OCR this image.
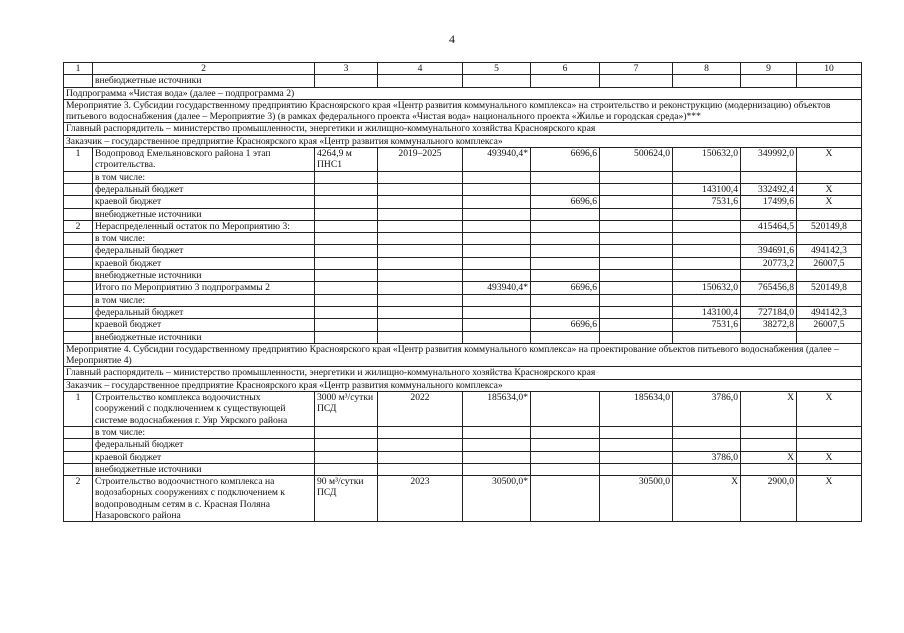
4
1	2	3	4	5	6	7	8	9	10
	внебюджетные источники								
Подпрограмма «Чистая вода» (далее – подпрограмма 2)									
Мероприятие 3. Субсидии государственному предприятию Красноярского края «Центр развития коммунального комплекса» на строительство и реконструкцию (модернизацию) объектов питьевого водоснабжения (далее – Мероприятие 3) (в рамках федерального проекта «Чистая вода» национального проекта «Жилье и городская среда»)***									
Главный распорядитель – министерство промышленности, энергетики и жилищно-коммунального хозяйства Красноярского края									
Заказчик – государственное предприятие Красноярского края «Центр развития коммунального комплекса»									
1	Водопровод Емельяновского района 1 этап строительства.	4264,9 м ПНС1	2019–2025	493940,4*	6696,6	500624,0	150632,0	349992,0	X
	в том числе:								
	федеральный бюджет						143100,4	332492,4	X
	краевой бюджет				6696,6		7531,6	17499,6	X
	внебюджетные источники								
2	Нераспределенный остаток по Мероприятию 3:							415464,5	520149,8
	в том числе:								
	федеральный бюджет							394691,6	494142,3
	краевой бюджет							20773,2	26007,5
	внебюджетные источники								
	Итого по Мероприятию 3 подпрограммы 2			493940,4*	6696,6		150632,0	765456,8	520149,8
	в том числе:								
	федеральный бюджет						143100,4	727184,0	494142,3
	краевой бюджет				6696,6		7531,6	38272,8	26007,5
	внебюджетные источники								
Мероприятие 4. Субсидии государственному предприятию Красноярского края «Центр развития коммунального комплекса» на проектирование объектов питьевого водоснабжения (далее – Мероприятие 4)									
Главный распорядитель – министерство промышленности, энергетики и жилищно-коммунального хозяйства Красноярского края									
Заказчик – государственное предприятие Красноярского края «Центр развития коммунального комплекса»									
1	Строительство комплекса водоочистных сооружений с подключением к существующей системе водоснабжения г. Уяр Уярского района	3000 м³/сутки ПСД	2022	185634,0*		185634,0	3786,0	X	X
	в том числе:								
	федеральный бюджет								
	краевой бюджет						3786,0	X	X
	внебюджетные источники								
2	Строительство водоочистного комплекса на водозаборных сооружениях с подключением к водопроводным сетям в с. Красная Поляна Назаровского района	90 м³/сутки ПСД	2023	30500,0*		30500,0	X	2900,0	X
